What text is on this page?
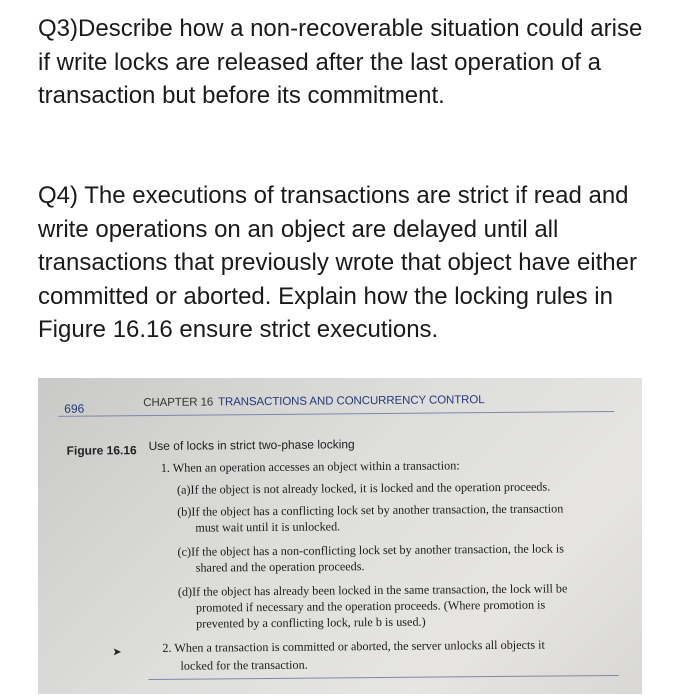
Q3)Describe how a non-recoverable situation could arise if write locks are released after the last operation of a transaction but before its commitment.

Q4) The executions of transactions are strict if read and write operations on an object are delayed until all transactions that previously wrote that object have either committed or aborted. Explain how the locking rules in Figure 16.16 ensure strict executions.

696	CHAPTER 16 TRANSACTIONS AND CONCURRENCY CONTROL
Figure 16.16 Use of locks in strict two-phase locking
1. When an operation accesses an object within a transaction:
(a)If the object is not already locked, it is locked and the operation proceeds.
(b)If the object has a conflicting lock set by another transaction, the transaction
must wait until it is unlocked.
(c)If the object has a non-conflicting lock set by another transaction, the lock is
shared and the operation proceeds.
(d)If the object has already been locked in the same transaction, the lock will be
promoted if necessary and the operation proceeds. (Where promotion is
prevented by a conflicting lock, rule b is used.)
➤	2. When a transaction is committed or aborted, the server unlocks all objects it
locked for the transaction.
